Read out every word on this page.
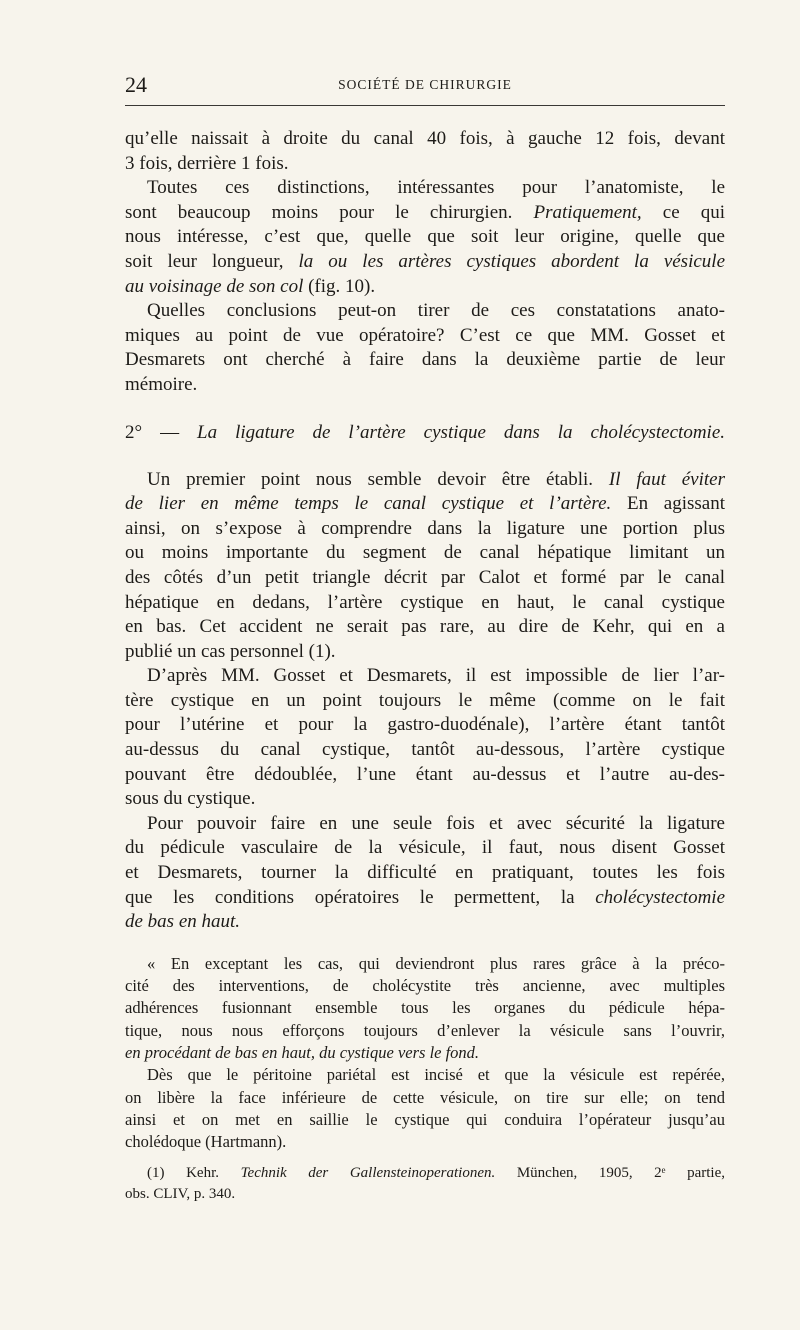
24	SOCIÉTÉ DE CHIRURGIE
qu’elle naissait à droite du canal 40 fois, à gauche 12 fois, devant
3 fois, derrière 1 fois.
Toutes ces distinctions, intéressantes pour l’anatomiste, le
sont beaucoup moins pour le chirurgien. Pratiquement, ce qui
nous intéresse, c’est que, quelle que soit leur origine, quelle que
soit leur longueur, la ou les artères cystiques abordent la vésicule
au voisinage de son col (fig. 10).
Quelles conclusions peut-on tirer de ces constatations anato-
miques au point de vue opératoire? C’est ce que MM. Gosset et
Desmarets ont cherché à faire dans la deuxième partie de leur
mémoire.
2° — La ligature de l’artère cystique dans la cholécystectomie.
Un premier point nous semble devoir être établi. Il faut éviter
de lier en même temps le canal cystique et l’artère. En agissant
ainsi, on s’expose à comprendre dans la ligature une portion plus
ou moins importante du segment de canal hépatique limitant un
des côtés d’un petit triangle décrit par Calot et formé par le canal
hépatique en dedans, l’artère cystique en haut, le canal cystique
en bas. Cet accident ne serait pas rare, au dire de Kehr, qui en a
publié un cas personnel (1).
D’après MM. Gosset et Desmarets, il est impossible de lier l’ar-
tère cystique en un point toujours le même (comme on le fait
pour l’utérine et pour la gastro-duodénale), l’artère étant tantôt
au-dessus du canal cystique, tantôt au-dessous, l’artère cystique
pouvant être dédoublée, l’une étant au-dessus et l’autre au-des-
sous du cystique.
Pour pouvoir faire en une seule fois et avec sécurité la ligature
du pédicule vasculaire de la vésicule, il faut, nous disent Gosset
et Desmarets, tourner la difficulté en pratiquant, toutes les fois
que les conditions opératoires le permettent, la cholécystectomie
de bas en haut.
« En exceptant les cas, qui deviendront plus rares grâce à la préco-
cité des interventions, de cholécystite très ancienne, avec multiples
adhérences fusionnant ensemble tous les organes du pédicule hépa-
tique, nous nous efforçons toujours d’enlever la vésicule sans l’ouvrir,
en procédant de bas en haut, du cystique vers le fond.
Dès que le péritoine pariétal est incisé et que la vésicule est repérée,
on libère la face inférieure de cette vésicule, on tire sur elle; on tend
ainsi et on met en saillie le cystique qui conduira l’opérateur jusqu’au
cholédoque (Hartmann).
(1) Kehr. Technik der Gallensteinoperationen. München, 1905, 2ᵉ partie,
obs. CLIV, p. 340.
